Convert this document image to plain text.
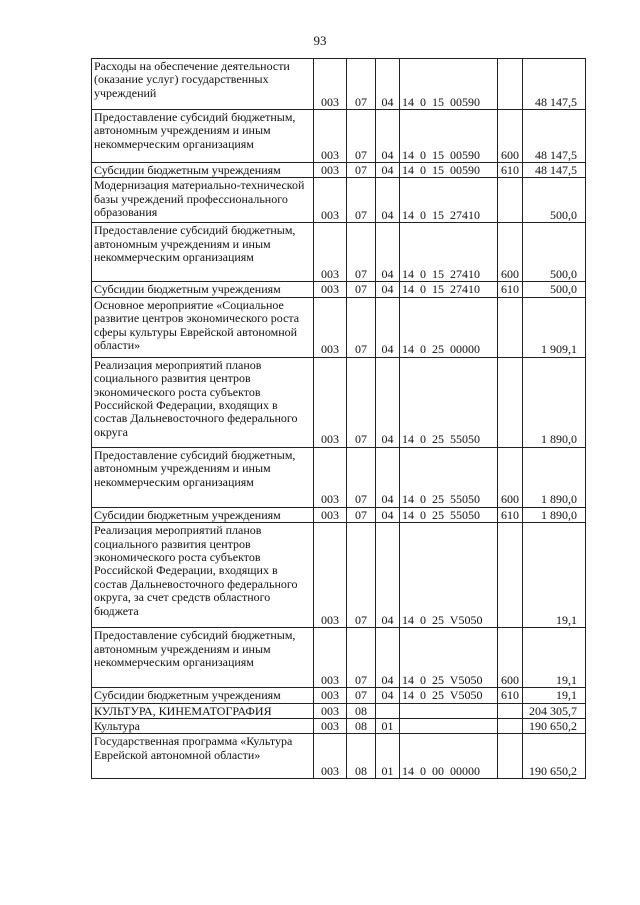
93
Расходы на обеспечение деятельности (оказание услуг) государственных учреждений	003	07	04	14  0  15  00590		48 147,5
Предоставление субсидий бюджетным, автономным учреждениям и иным некоммерческим организациям	003	07	04	14  0  15  00590	600	48 147,5
Субсидии бюджетным учреждениям	003	07	04	14  0  15  00590	610	48 147,5
Модернизация материально-технической базы учреждений профессионального образования	003	07	04	14  0  15  27410		500,0
Предоставление субсидий бюджетным, автономным учреждениям и иным некоммерческим организациям	003	07	04	14  0  15  27410	600	500,0
Субсидии бюджетным учреждениям	003	07	04	14  0  15  27410	610	500,0
Основное мероприятие «Социальное развитие центров экономического роста сферы культуры Еврейской автономной области»	003	07	04	14  0  25  00000		1 909,1
Реализация мероприятий планов социального развития центров экономического роста субъектов Российской Федерации, входящих в состав Дальневосточного федерального округа	003	07	04	14  0  25  55050		1 890,0
Предоставление субсидий бюджетным, автономным учреждениям и иным некоммерческим организациям	003	07	04	14  0  25  55050	600	1 890,0
Субсидии бюджетным учреждениям	003	07	04	14  0  25  55050	610	1 890,0
Реализация мероприятий планов социального развития центров экономического роста субъектов Российской Федерации, входящих в состав Дальневосточного федерального округа, за счет средств областного бюджета	003	07	04	14  0  25  V5050		19,1
Предоставление субсидий бюджетным, автономным учреждениям и иным некоммерческим организациям	003	07	04	14  0  25  V5050	600	19,1
Субсидии бюджетным учреждениям	003	07	04	14  0  25  V5050	610	19,1
КУЛЬТУРА, КИНЕМАТОГРАФИЯ	003	08				204 305,7
Культура	003	08	01			190 650,2
Государственная программа «Культура Еврейской автономной области»	003	08	01	14  0  00  00000		190 650,2
